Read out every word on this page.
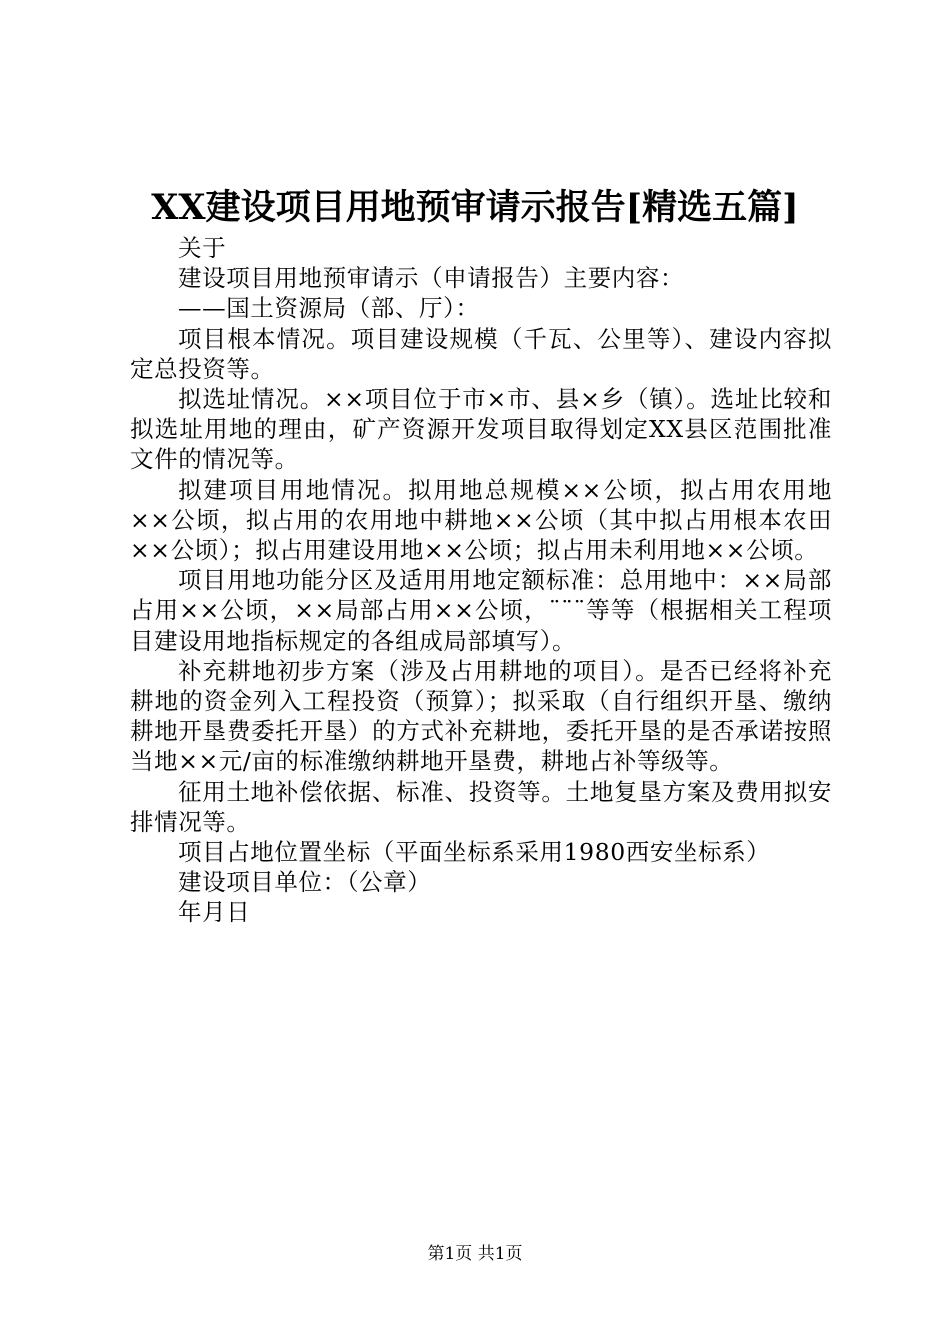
XX建设项目用地预审请示报告[精选五篇]

关于

建设项目用地预审请示（申请报告）主要内容：

——国土资源局（部、厅）：

项目根本情况。项目建设规模（千瓦、公里等）、建设内容拟定总投资等。

拟选址情况。××项目位于市×市、县×乡（镇）。选址比较和拟选址用地的理由，矿产资源开发项目取得划定XX县区范围批准文件的情况等。

拟建项目用地情况。拟用地总规模××公顷，拟占用农用地××公顷，拟占用的农用地中耕地××公顷（其中拟占用根本农田××公顷）；拟占用建设用地××公顷；拟占用未利用地××公顷。

项目用地功能分区及适用用地定额标准：总用地中：××局部占用××公顷，××局部占用××公顷，¨¨¨等等（根据相关工程项目建设用地指标规定的各组成局部填写）。

补充耕地初步方案（涉及占用耕地的项目）。是否已经将补充耕地的资金列入工程投资（预算）；拟采取（自行组织开垦、缴纳耕地开垦费委托开垦）的方式补充耕地，委托开垦的是否承诺按照当地××元/亩的标准缴纳耕地开垦费，耕地占补等级等。

征用土地补偿依据、标准、投资等。土地复垦方案及费用拟安排情况等。

项目占地位置坐标（平面坐标系采用1980西安坐标系）

建设项目单位：（公章）

年月日

第1页 共1页
